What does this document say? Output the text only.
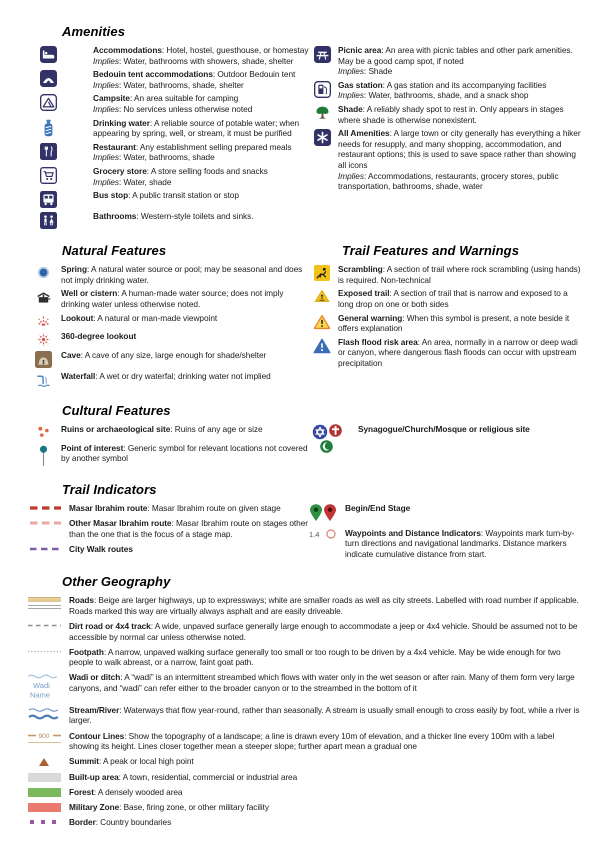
Amenities
Accommodations: Hotel, hostel, guesthouse, or homestay
Implies: Water, bathrooms with showers, shade, shelter
Bedouin tent accommodations: Outdoor Bedouin tent
Implies: Water, bathrooms, shade, shelter
Campsite: An area suitable for camping
Implies: No services unless otherwise noted
Drinking water: A reliable source of potable water; when appearing by spring, well, or stream, it must be purified
Restaurant: Any establishment selling prepared meals
Implies: Water, bathrooms, shade
Grocery store: A store selling foods and snacks
Implies: Water, shade
Bus stop: A public transit station or stop
Bathrooms: Western-style toilets and sinks.
Picnic area: An area with picnic tables and other park amenities. May be a good camp spot, if noted
Implies: Shade
Gas station: A gas station and its accompanying facilities
Implies: Water, bathrooms, shade, and a snack shop
Shade: A reliably shady spot to rest in. Only appears in stages where shade is otherwise nonexistent.
All Amenities: A large town or city generally has everything a hiker needs for resupply, and many shopping, accommodation, and restaurant options; this is used to save space rather than showing all icons
Implies: Accommodations, restaurants, grocery stores, public transportation, bathrooms, shade, water
Natural Features
Spring: A natural water source or pool; may be seasonal and does not imply drinking water.
Well or cistern: A human-made water source; does not imply drinking water unless otherwise noted.
Lookout: A natural or man-made viewpoint
360-degree lookout
Cave: A cave of any size, large enough for shade/shelter
Waterfall: A wet or dry waterfal; drinking water not implied
Trail Features and Warnings
Scrambling: A section of trail where rock scrambling (using hands) is required. Non-technical
Exposed trail: A section of trail that is narrow and exposed to a long drop on one or both sides
General warning: When this symbol is present, a note beside it offers explanation
Flash flood risk area: An area, normally in a narrow or deep wadi or canyon, where dangerous flash floods can occur with upstream precipitation
Cultural Features
Ruins or archaeological site: Ruins of any age or size
Point of interest: Generic symbol for relevant locations not covered by another symbol
Synagogue/Church/Mosque or religious site
Trail Indicators
Masar Ibrahim route: Masar Ibrahim route on given stage
Other Masar Ibrahim route: Masar Ibrahim route on stages other than the one that is the focus of a stage map.
City Walk routes
Begin/End Stage
1.4	Waypoints and Distance Indicators: Waypoints mark turn-by-turn directions and navigational landmarks. Distance markers indicate cumulative distance from start.
Other Geography
Roads: Beige are larger highways, up to expressways; white are smaller roads as well as city streets. Labelled with road number if applicable. Roads marked this way are virtually always asphalt and are easily driveable.
Dirt road or 4x4 track: A wide, unpaved surface generally large enough to accommodate a jeep or 4x4 vehicle. Should be assumed not to be accessible by normal car unless otherwise noted.
Footpath: A narrow, unpaved walking surface generally too small or too rough to be driven by a 4x4 vehicle. May be wide enough for two people to walk abreast, or a narrow, faint goat path.
Wadi
Name
Wadi or ditch: A “wadi” is an intermittent streambed which flows with water only in the wet season or after rain. Many of them form very large canyons, and “wadi” can refer either to the broader canyon or to the streambed in the bottom of it
Stream/River: Waterways that flow year-round, rather than seasonally. A stream is usually small enough to cross easily by foot, while a river is larger.
900 Contour Lines: Show the topography of a landscape; a line is drawn every 10m of elevation, and a thicker line every 100m with a label showing its height. Lines closer together mean a steeper slope; further apart mean a gradual one
Summit: A peak or local high point
Built-up area: A town, residential, commercial or industrial area
Forest: A densely wooded area
Military Zone: Base, firing zone, or other military facility
Border: Country boundaries
